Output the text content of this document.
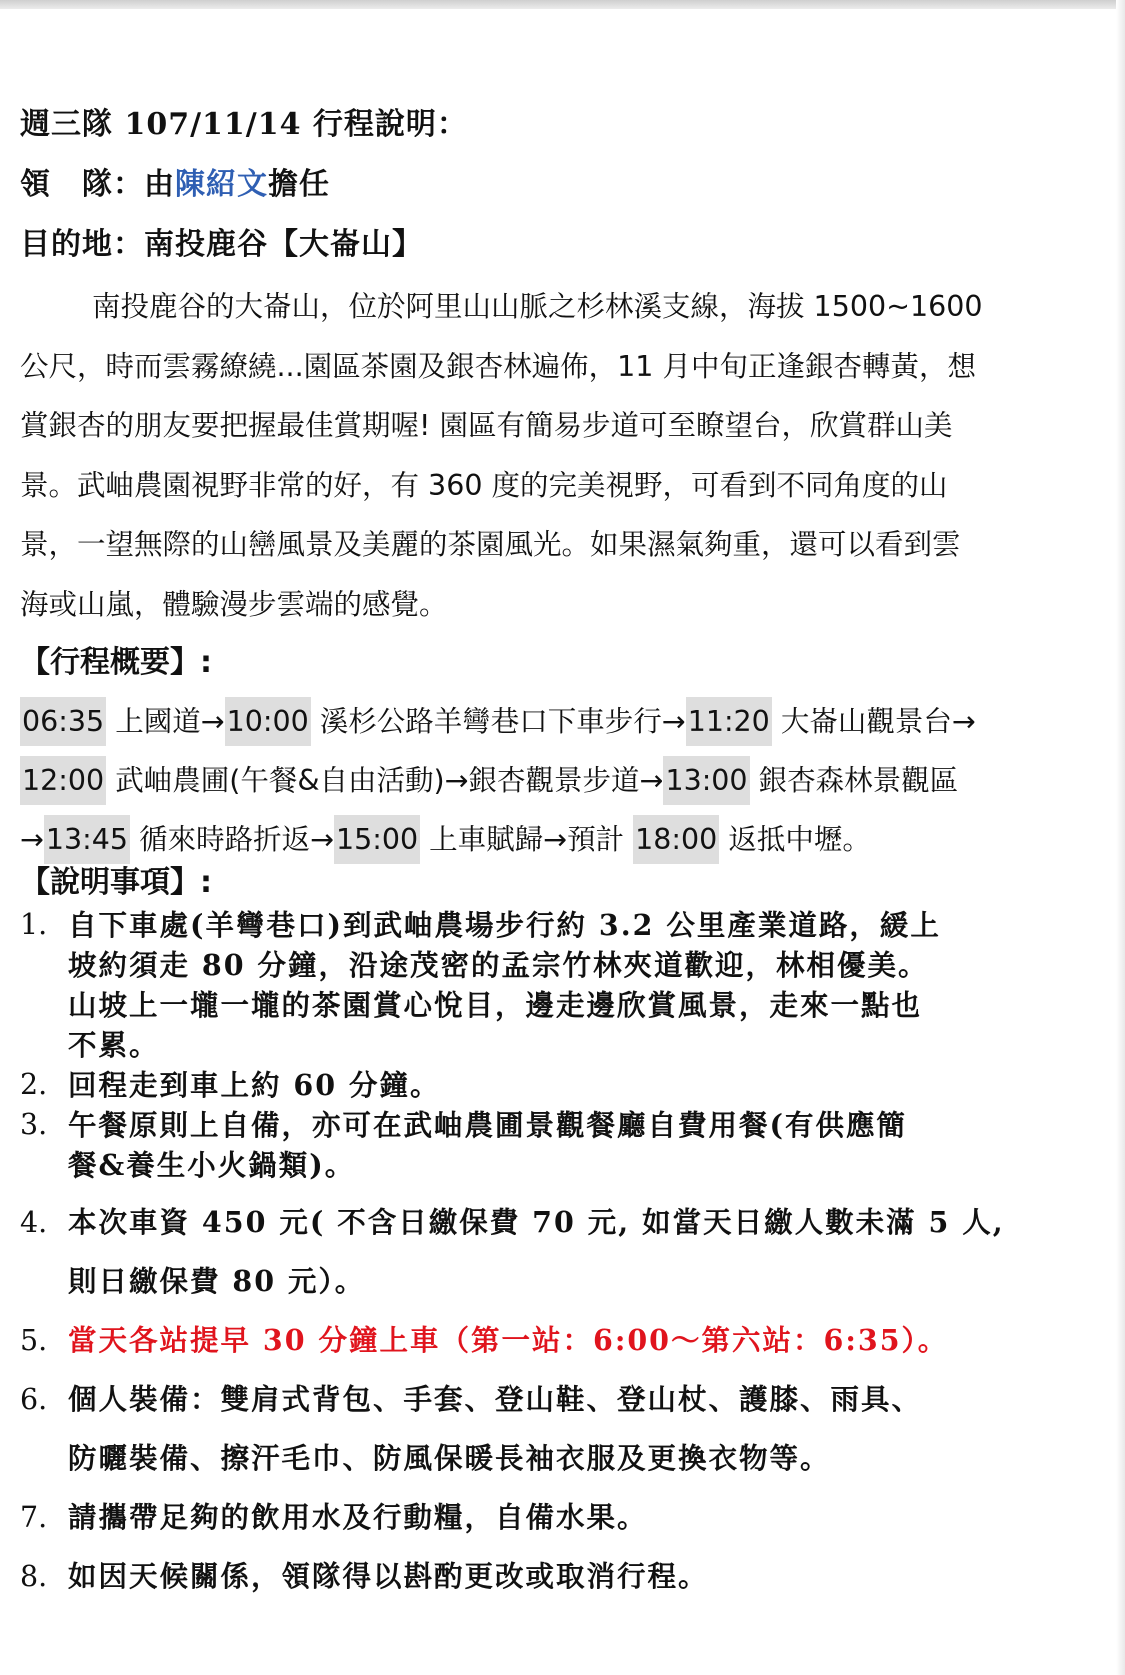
週三隊 107/11/14 行程說明：
領　隊：由陳紹文擔任
目的地：南投鹿谷【大崙山】
南投鹿谷的大崙山，位於阿里山山脈之杉林溪支線，海拔 1500~1600
公尺，時而雲霧繚繞...園區茶園及銀杏林遍佈，11 月中旬正逢銀杏轉黃，想
賞銀杏的朋友要把握最佳賞期喔! 園區有簡易步道可至瞭望台，欣賞群山美
景。武岫農園視野非常的好，有 360 度的完美視野，可看到不同角度的山
景，一望無際的山巒風景及美麗的茶園風光。如果濕氣夠重，還可以看到雲
海或山嵐，體驗漫步雲端的感覺。
【行程概要】:
06:35 上國道→10:00 溪杉公路羊彎巷口下車步行→11:20 大崙山觀景台→
12:00 武岫農圃(午餐&自由活動)→銀杏觀景步道→13:00 銀杏森林景觀區
→13:45 循來時路折返→15:00 上車賦歸→預計 18:00 返抵中壢。
【說明事項】:
1. 自下車處(羊彎巷口)到武岫農場步行約 3.2 公里產業道路，緩上
坡約須走 80 分鐘，沿途茂密的孟宗竹林夾道歡迎，林相優美。
山坡上一壠一壠的茶園賞心悅目，邊走邊欣賞風景，走來一點也
不累。
2. 回程走到車上約 60 分鐘。
3. 午餐原則上自備，亦可在武岫農圃景觀餐廳自費用餐(有供應簡
餐&養生小火鍋類)。
4. 本次車資 450 元( 不含日繳保費 70 元, 如當天日繳人數未滿 5 人,
則日繳保費 80 元）。
5. 當天各站提早 30 分鐘上車（第一站：6:00～第六站：6:35）。
6. 個人裝備：雙肩式背包、手套、登山鞋、登山杖、護膝、雨具、
防曬裝備、擦汗毛巾、防風保暖長袖衣服及更換衣物等。
7. 請攜帶足夠的飲用水及行動糧，自備水果。
8. 如因天候關係，領隊得以斟酌更改或取消行程。
